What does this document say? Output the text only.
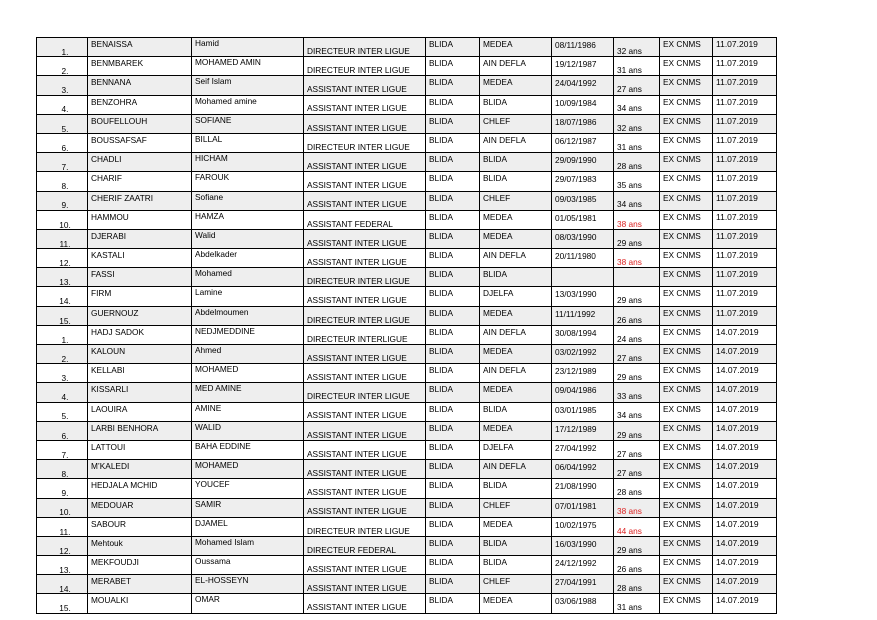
1.	BENAISSA	Hamid	DIRECTEUR INTER LIGUE	BLIDA	MEDEA	08/11/1986	32 ans	EX CNMS	11.07.2019
2.	BENMBAREK	MOHAMED AMIN	DIRECTEUR INTER LIGUE	BLIDA	AIN DEFLA	19/12/1987	31 ans	EX CNMS	11.07.2019
3.	BENNANA	Seif Islam	ASSISTANT INTER LIGUE	BLIDA	MEDEA	24/04/1992	27 ans	EX CNMS	11.07.2019
4.	BENZOHRA	Mohamed amine	ASSISTANT INTER LIGUE	BLIDA	BLIDA	10/09/1984	34 ans	EX CNMS	11.07.2019
5.	BOUFELLOUH	SOFIANE	ASSISTANT INTER LIGUE	BLIDA	CHLEF	18/07/1986	32 ans	EX CNMS	11.07.2019
6.	BOUSSAFSAF	BILLAL	DIRECTEUR INTER LIGUE	BLIDA	AIN DEFLA	06/12/1987	31 ans	EX CNMS	11.07.2019
7.	CHADLI	HICHAM	ASSISTANT INTER LIGUE	BLIDA	BLIDA	29/09/1990	28 ans	EX CNMS	11.07.2019
8.	CHARIF	FAROUK	ASSISTANT INTER LIGUE	BLIDA	BLIDA	29/07/1983	35 ans	EX CNMS	11.07.2019
9.	CHERIF ZAATRI	Sofiane	ASSISTANT INTER LIGUE	BLIDA	CHLEF	09/03/1985	34 ans	EX CNMS	11.07.2019
10.	HAMMOU	HAMZA	ASSISTANT FEDERAL	BLIDA	MEDEA	01/05/1981	38 ans	EX CNMS	11.07.2019
11.	DJERABI	Walid	ASSISTANT INTER LIGUE	BLIDA	MEDEA	08/03/1990	29 ans	EX CNMS	11.07.2019
12.	KASTALI	Abdelkader	ASSISTANT INTER LIGUE	BLIDA	AIN DEFLA	20/11/1980	38 ans	EX CNMS	11.07.2019
13.	FASSI	Mohamed	DIRECTEUR INTER LIGUE	BLIDA	BLIDA			EX CNMS	11.07.2019
14.	FIRM	Lamine	ASSISTANT INTER LIGUE	BLIDA	DJELFA	13/03/1990	29 ans	EX CNMS	11.07.2019
15.	GUERNOUZ	Abdelmoumen	DIRECTEUR INTER LIGUE	BLIDA	MEDEA	11/11/1992	26 ans	EX CNMS	11.07.2019
1.	HADJ SADOK	NEDJMEDDINE	DIRECTEUR INTERLIGUE	BLIDA	AIN DEFLA	30/08/1994	24 ans	EX CNMS	14.07.2019
2.	KALOUN	Ahmed	ASSISTANT INTER LIGUE	BLIDA	MEDEA	03/02/1992	27 ans	EX CNMS	14.07.2019
3.	KELLABI	MOHAMED	ASSISTANT INTER LIGUE	BLIDA	AIN DEFLA	23/12/1989	29 ans	EX CNMS	14.07.2019
4.	KISSARLI	MED AMINE	DIRECTEUR INTER LIGUE	BLIDA	MEDEA	09/04/1986	33 ans	EX CNMS	14.07.2019
5.	LAOUIRA	AMINE	ASSISTANT INTER LIGUE	BLIDA	BLIDA	03/01/1985	34 ans	EX CNMS	14.07.2019
6.	LARBI BENHORA	WALID	ASSISTANT INTER LIGUE	BLIDA	MEDEA	17/12/1989	29 ans	EX CNMS	14.07.2019
7.	LATTOUI	BAHA EDDINE	ASSISTANT INTER LIGUE	BLIDA	DJELFA	27/04/1992	27 ans	EX CNMS	14.07.2019
8.	M’KALEDI	MOHAMED	ASSISTANT INTER LIGUE	BLIDA	AIN DEFLA	06/04/1992	27 ans	EX CNMS	14.07.2019
9.	HEDJALA MCHID	YOUCEF	ASSISTANT INTER LIGUE	BLIDA	BLIDA	21/08/1990	28 ans	EX CNMS	14.07.2019
10.	MEDOUAR	SAMIR	ASSISTANT INTER LIGUE	BLIDA	CHLEF	07/01/1981	38 ans	EX CNMS	14.07.2019
11.	SABOUR	DJAMEL	DIRECTEUR INTER LIGUE	BLIDA	MEDEA	10/02/1975	44 ans	EX CNMS	14.07.2019
12.	Mehtouk	Mohamed Islam	DIRECTEUR FEDERAL	BLIDA	BLIDA	16/03/1990	29 ans	EX CNMS	14.07.2019
13.	MEKFOUDJI	Oussama	ASSISTANT INTER LIGUE	BLIDA	BLIDA	24/12/1992	26 ans	EX CNMS	14.07.2019
14.	MERABET	EL-HOSSEYN	ASSISTANT INTER LIGUE	BLIDA	CHLEF	27/04/1991	28 ans	EX CNMS	14.07.2019
15.	MOUALKI	OMAR	ASSISTANT INTER LIGUE	BLIDA	MEDEA	03/06/1988	31 ans	EX CNMS	14.07.2019
